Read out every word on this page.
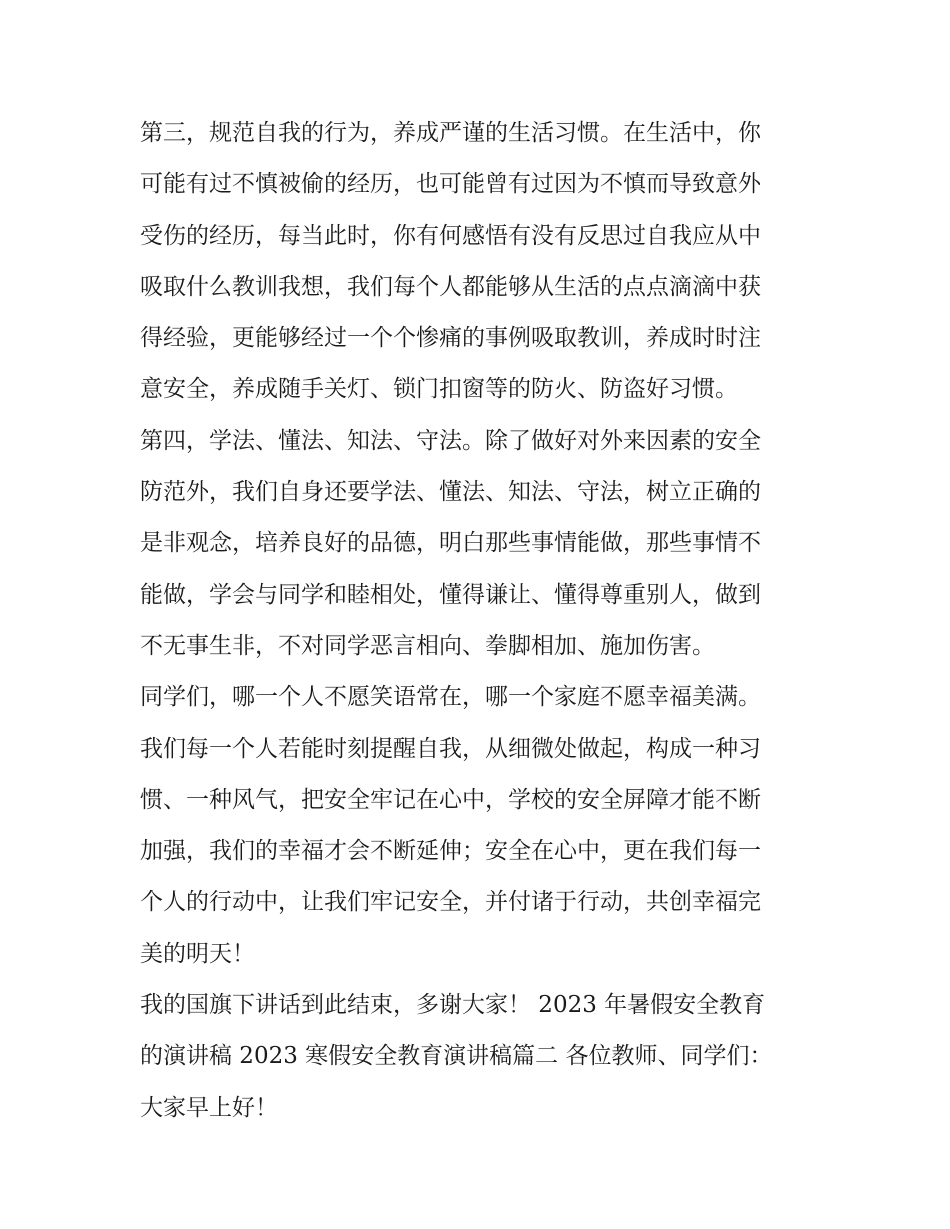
第三，规范自我的行为，养成严谨的生活习惯。在生活中，你
可能有过不慎被偷的经历，也可能曾有过因为不慎而导致意外
受伤的经历，每当此时，你有何感悟有没有反思过自我应从中
吸取什么教训我想，我们每个人都能够从生活的点点滴滴中获
得经验，更能够经过一个个惨痛的事例吸取教训，养成时时注
意安全，养成随手关灯、锁门扣窗等的防火、防盗好习惯。
第四，学法、懂法、知法、守法。除了做好对外来因素的安全
防范外，我们自身还要学法、懂法、知法、守法，树立正确的
是非观念，培养良好的品德，明白那些事情能做，那些事情不
能做，学会与同学和睦相处，懂得谦让、懂得尊重别人，做到
不无事生非，不对同学恶言相向、拳脚相加、施加伤害。
同学们，哪一个人不愿笑语常在，哪一个家庭不愿幸福美满。
我们每一个人若能时刻提醒自我，从细微处做起，构成一种习
惯、一种风气，把安全牢记在心中，学校的安全屏障才能不断
加强，我们的幸福才会不断延伸；安全在心中，更在我们每一
个人的行动中，让我们牢记安全，并付诸于行动，共创幸福完
美的明天！
我的国旗下讲话到此结束，多谢大家！ 2023 年暑假安全教育
的演讲稿 2023 寒假安全教育演讲稿篇二 各位教师、同学们：
大家早上好！
